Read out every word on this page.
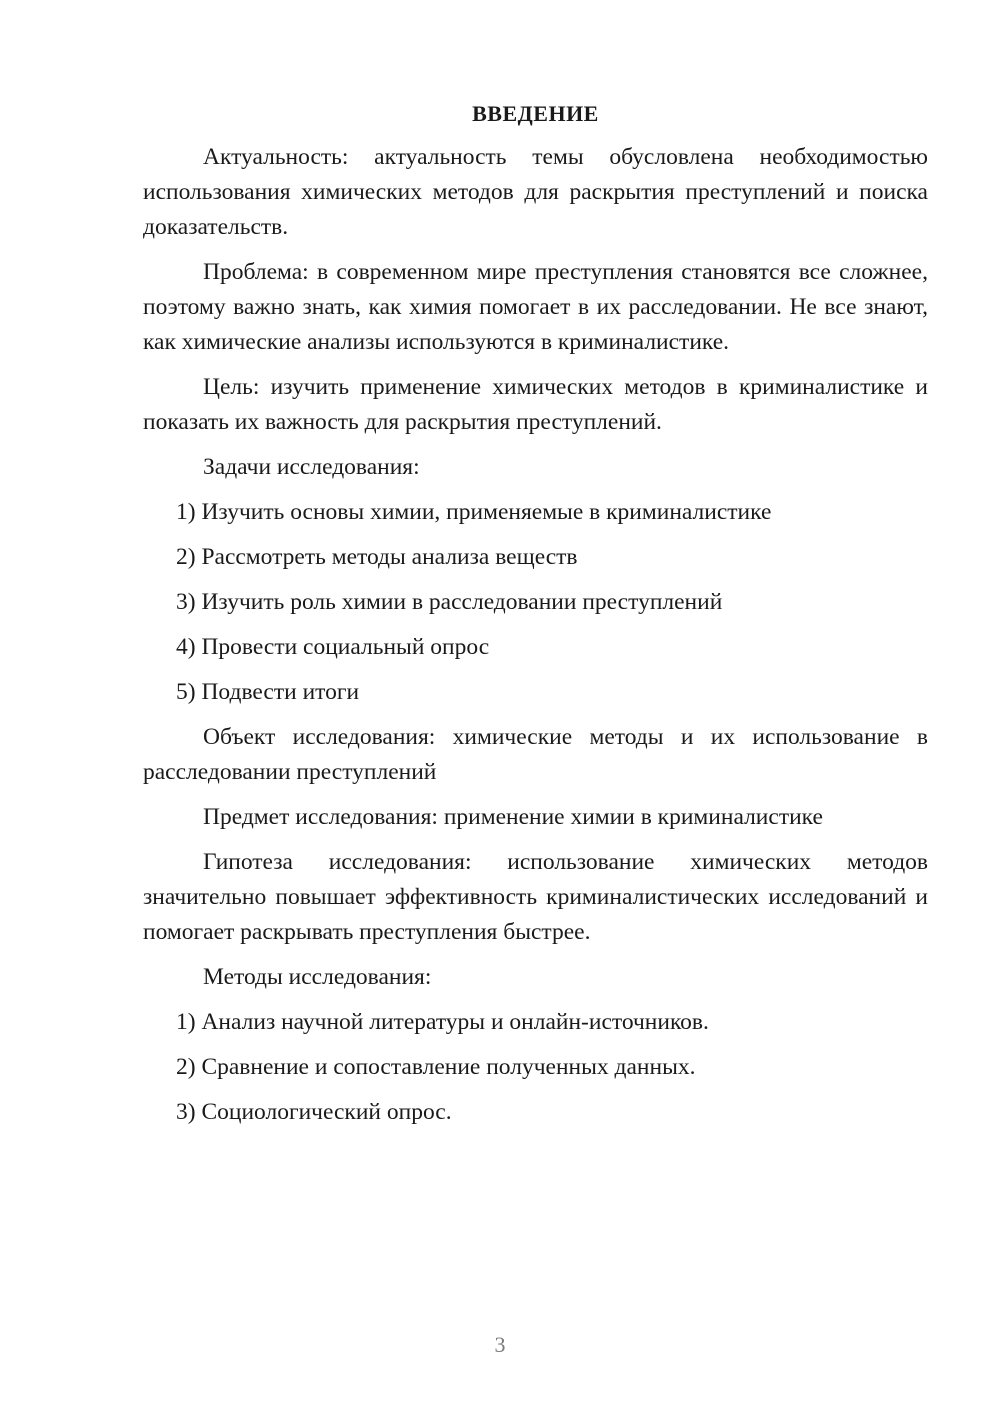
ВВЕДЕНИЕ

Актуальность: актуальность темы обусловлена необходимостью использования химических методов для раскрытия преступлений и поиска доказательств.

Проблема: в современном мире преступления становятся все сложнее, поэтому важно знать, как химия помогает в их расследовании. Не все знают, как химические анализы используются в криминалистике.

Цель: изучить применение химических методов в криминалистике и показать их важность для раскрытия преступлений.

Задачи исследования:

1) Изучить основы химии, применяемые в криминалистике
2) Рассмотреть методы анализа веществ
3) Изучить роль химии в расследовании преступлений
4) Провести социальный опрос
5) Подвести итоги

Объект исследования: химические методы и их использование в расследовании преступлений

Предмет исследования: применение химии в криминалистике

Гипотеза исследования: использование химических методов значительно повышает эффективность криминалистических исследований и помогает раскрывать преступления быстрее.

Методы исследования:

1) Анализ научной литературы и онлайн-источников.
2) Сравнение и сопоставление полученных данных.
3) Социологический опрос.
3
